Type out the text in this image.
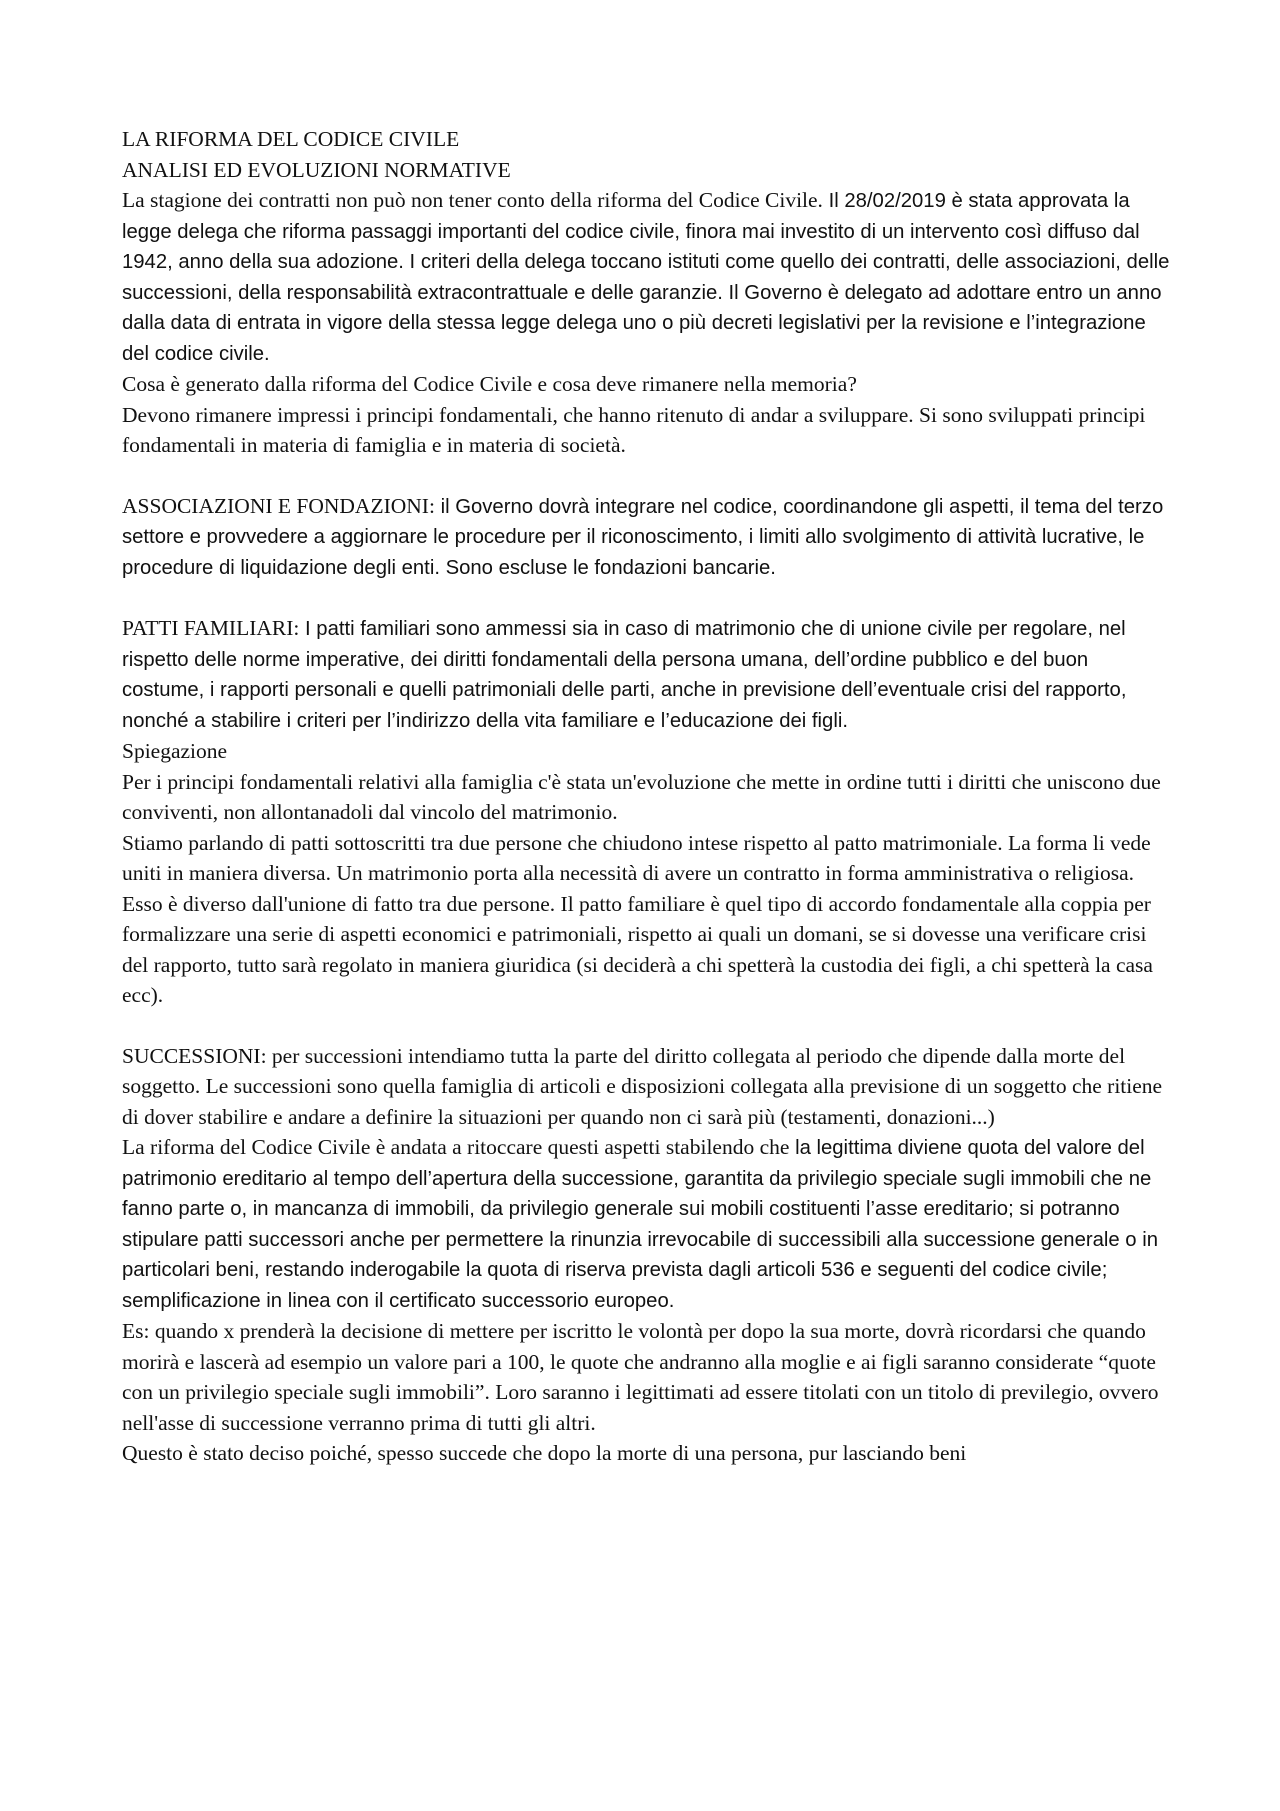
LA RIFORMA DEL CODICE CIVILE

ANALISI ED EVOLUZIONI NORMATIVE

La stagione dei contratti non può non tener conto della riforma del Codice Civile. Il 28/02/2019 è stata approvata la legge delega che riforma passaggi importanti del codice civile, finora mai investito di un intervento così diffuso dal 1942, anno della sua adozione. I criteri della delega toccano istituti come quello dei contratti, delle associazioni, delle successioni, della responsabilità extracontrattuale e delle garanzie. Il Governo è delegato ad adottare entro un anno dalla data di entrata in vigore della stessa legge delega uno o più decreti legislativi per la revisione e l’integrazione del codice civile.

Cosa è generato dalla riforma del Codice Civile e cosa deve rimanere nella memoria?

Devono rimanere impressi i principi fondamentali, che hanno ritenuto di andar a sviluppare. Si sono sviluppati principi fondamentali in materia di famiglia e in materia di società.

ASSOCIAZIONI E FONDAZIONI: il Governo dovrà integrare nel codice, coordinandone gli aspetti, il tema del terzo settore e provvedere a aggiornare le procedure per il riconoscimento, i limiti allo svolgimento di attività lucrative, le procedure di liquidazione degli enti. Sono escluse le fondazioni bancarie.

PATTI FAMILIARI: I patti familiari sono ammessi sia in caso di matrimonio che di unione civile per regolare, nel rispetto delle norme imperative, dei diritti fondamentali della persona umana, dell’ordine pubblico e del buon costume, i rapporti personali e quelli patrimoniali delle parti, anche in previsione dell’eventuale crisi del rapporto, nonché a stabilire i criteri per l’indirizzo della vita familiare e l’educazione dei figli.

Spiegazione

Per i principi fondamentali relativi alla famiglia c'è stata un'evoluzione che mette in ordine tutti i diritti che uniscono due conviventi, non allontanadoli dal vincolo del matrimonio.

Stiamo parlando di patti sottoscritti tra due persone che chiudono intese rispetto al patto matrimoniale. La forma li vede uniti in maniera diversa. Un matrimonio porta alla necessità di avere un contratto in forma amministrativa o religiosa. Esso è diverso dall'unione di fatto tra due persone. Il patto familiare è quel tipo di accordo fondamentale alla coppia per formalizzare una serie di aspetti economici e patrimoniali, rispetto ai quali un domani, se si dovesse una verificare crisi del rapporto, tutto sarà regolato in maniera giuridica (si deciderà a chi spetterà la custodia dei figli, a chi spetterà la casa ecc).

SUCCESSIONI: per successioni intendiamo tutta la parte del diritto collegata al periodo che dipende dalla morte del soggetto. Le successioni sono quella famiglia di articoli e disposizioni collegata alla previsione di un soggetto che ritiene di dover stabilire e andare a definire la situazioni per quando non ci sarà più (testamenti, donazioni...)

La riforma del Codice Civile è andata a ritoccare questi aspetti stabilendo che la legittima diviene quota del valore del patrimonio ereditario al tempo dell’apertura della successione, garantita da privilegio speciale sugli immobili che ne fanno parte o, in mancanza di immobili, da privilegio generale sui mobili costituenti l’asse ereditario; si potranno stipulare patti successori anche per permettere la rinunzia irrevocabile di successibili alla successione generale o in particolari beni, restando inderogabile la quota di riserva prevista dagli articoli 536 e seguenti del codice civile; semplificazione in linea con il certificato successorio europeo.

Es: quando x prenderà la decisione di mettere per iscritto le volontà per dopo la sua morte, dovrà ricordarsi che quando morirà e lascerà ad esempio un valore pari a 100, le quote che andranno alla moglie e ai figli saranno considerate “quote con un privilegio speciale sugli immobili”. Loro saranno i legittimati ad essere titolati con un titolo di previlegio, ovvero nell'asse di successione verranno prima di tutti gli altri.

Questo è stato deciso poiché, spesso succede che dopo la morte di una persona, pur lasciando beni
